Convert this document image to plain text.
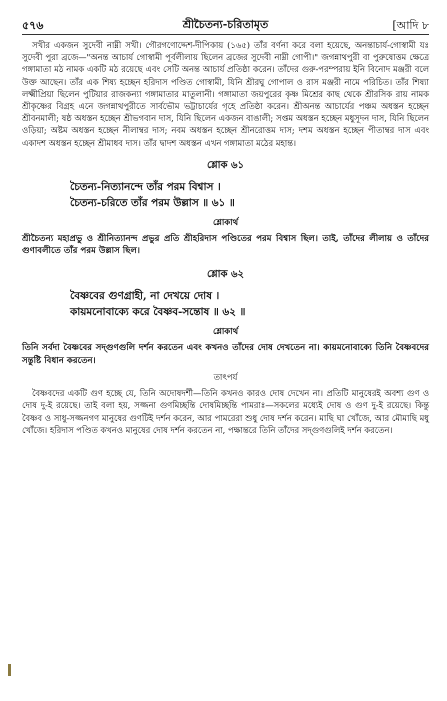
৫৭৬	শ্রীচৈতন্য-চরিতামৃত	[আদি ৮

সখীর একজন সুদেবী নাম্নী সখী। গৌরগণোদ্দেশ-দীপিকায় (১৬৫) তাঁর বর্ণনা করে বলা হয়েছে, অনন্তাচার্য-গোস্বামী যঃ সুদেবী পুরা ব্রজে—"অনন্ত আচার্য গোস্বামী পূর্বলীলায় ছিলেন ব্রজের সুদেবী নাম্নী গোপী।" জগন্নাথপুরী বা পুরুষোত্তম ক্ষেত্রে গঙ্গামাতা মঠ নামক একটি মঠ রয়েছে এবং সেটি অনন্ত আচার্য প্রতিষ্ঠা করেন। তাঁদের গুরু-পরম্পরায় ইনি বিনোদ মঞ্জরী বলে উক্ত আছেন। তাঁর এক শিষ্য হচ্ছেন হরিদাস পণ্ডিত গোস্বামী, যিনি শ্রীরঘু গোপাল ও রাস মঞ্জরী নামে পরিচিত। তাঁর শিষ্যা লক্ষ্মীপ্রিয়া ছিলেন পুটিয়ার রাজকন্যা গঙ্গামাতার মাতুলানী। গঙ্গামাতা জয়পুরের কৃষ্ণ মিশ্রের কাছ থেকে শ্রীরসিক রায় নামক শ্রীকৃষ্ণের বিগ্রহ এনে জগন্নাথপুরীতে সার্বভৌম ভট্টাচার্যের গৃহে প্রতিষ্ঠা করেন। শ্রীঅনন্ত আচার্যের পঞ্চম অধস্তন হচ্ছেন শ্রীবনমালী; ষষ্ঠ অধস্তন হচ্ছেন শ্রীভগবান দাস, যিনি ছিলেন একজন বাঙালী; সপ্তম অধস্তন হচ্ছেন মধুসূদন দাস, যিনি ছিলেন ওড়িয়া; অষ্টম অধস্তন হচ্ছেন নীলাম্বর দাস; নবম অধস্তন হচ্ছেন শ্রীনরোত্তম দাস; দশম অধস্তন হচ্ছেন পীতাম্বর দাস এবং একাদশ অধস্তন হচ্ছেন শ্রীমাধব দাস। তাঁর দ্বাদশ অধস্তন এখন গঙ্গামাতা মঠের মহান্ত।

শ্লোক ৬১
চৈতন্য-নিত্যানন্দে তাঁর পরম বিশ্বাস ।
চৈতন্য-চরিতে তাঁর পরম উল্লাস ॥ ৬১ ॥
শ্লোকার্থ

শ্রীচৈতন্য মহাপ্রভু ও শ্রীনিত্যানন্দ প্রভুর প্রতি শ্রীহরিদাস পণ্ডিতের পরম বিশ্বাস ছিল। তাই, তাঁদের লীলায় ও তাঁদের গুণাবলীতে তাঁর পরম উল্লাস ছিল।

শ্লোক ৬২
বৈষ্ণবের গুণগ্রাহী, না দেখয়ে দোষ ।
কায়মনোবাক্যে করে বৈষ্ণব-সন্তোষ ॥ ৬২ ॥
শ্লোকার্থ

তিনি সর্বদা বৈষ্ণবের সদ্‌গুণগুলি দর্শন করতেন এবং কখনও তাঁদের দোষ দেখতেন না। কায়মনোবাক্যে তিনি বৈষ্ণবদের সন্তুষ্টি বিধান করতেন।

তাৎপর্য

বৈষ্ণবদের একটি গুণ হচ্ছে যে, তিনি অদোষদর্শী—তিনি কখনও কারও দোষ দেখেন না। প্রতিটি মানুষেরই অবশ্য গুণ ও দোষ দু-ই রয়েছে। তাই বলা হয়, সজ্জনা গুণমিচ্ছন্তি দোষমিচ্ছন্তি পামরাঃ—সকলের মধ্যেই দোষ ও গুণ দু-ই রয়েছে। কিন্তু বৈষ্ণব ও সাধু-সজ্জনগণ মানুষের গুণটিই দর্শন করেন, আর পামরেরা শুধু দোষ দর্শন করেন। মাছি ঘা খোঁজে, আর মৌমাছি মধু খোঁজে। হরিদাস পণ্ডিত কখনও মানুষের দোষ দর্শন করতেন না, পক্ষান্তরে তিনি তাঁদের সদ্‌গুণগুলিই দর্শন করতেন।
